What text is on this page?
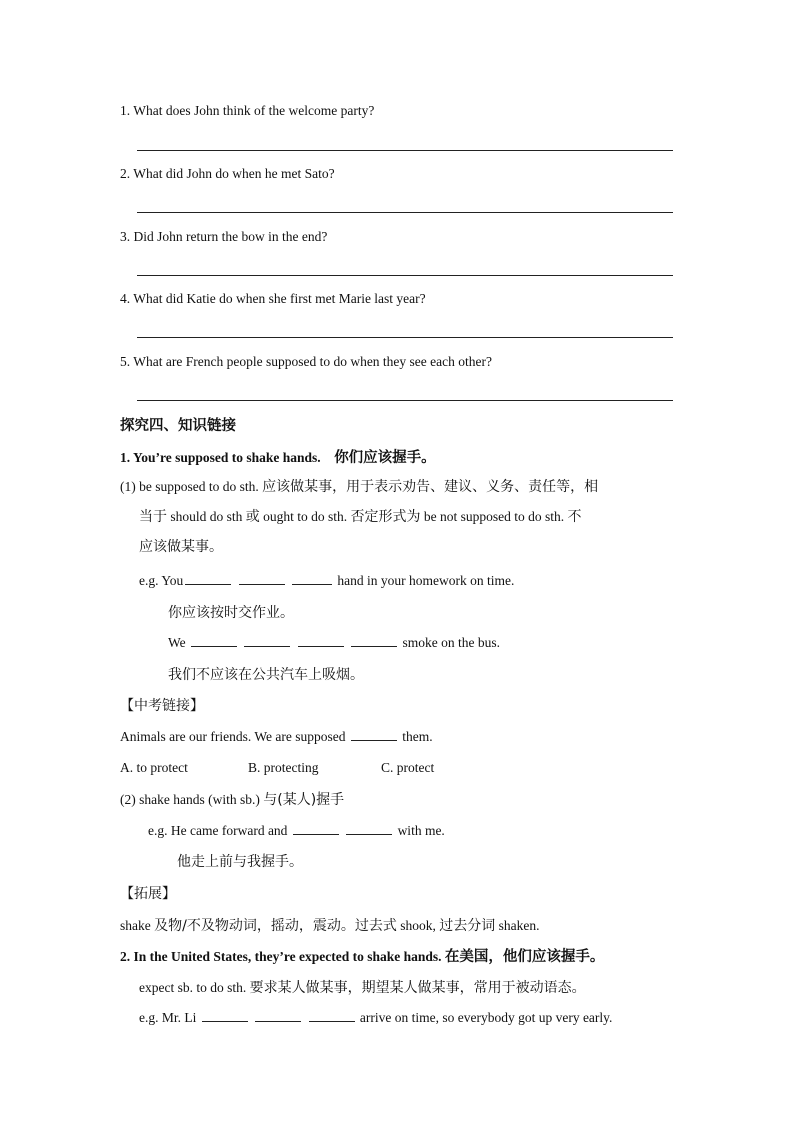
1. What does John think of the welcome party?
2. What did John do when he met Sato?
3. Did John return the bow in the end?
4. What did Katie do when she first met Marie last year?
5. What are French people supposed to do when they see each other?
探究四、知识链接
1. You’re supposed to shake hands. 你们应该握手。
(1) be supposed to do sth. 应该做某事，用于表示劝告、建议、义务、责任等，相
当于 should do sth 或 ought to do sth. 否定形式为 be not supposed to do sth. 不
应该做某事。
e.g. You	hand in your homework on time.
你应该按时交作业。
We	smoke on the bus.
我们不应该在公共汽车上吸烟。
【中考链接】
Animals are our friends. We are supposed	them.
A. to protect	B. protecting	C. protect
(2) shake hands (with sb.) 与(某人)握手
e.g. He came forward and	with me.
他走上前与我握手。
【拓展】
shake 及物/不及物动词，摇动，震动。过去式 shook, 过去分词 shaken.
2. In the United States, they’re expected to shake hands. 在美国，他们应该握手。
expect sb. to do sth. 要求某人做某事，期望某人做某事，常用于被动语态。
e.g. Mr. Li	arrive on time, so everybody got up very early.
